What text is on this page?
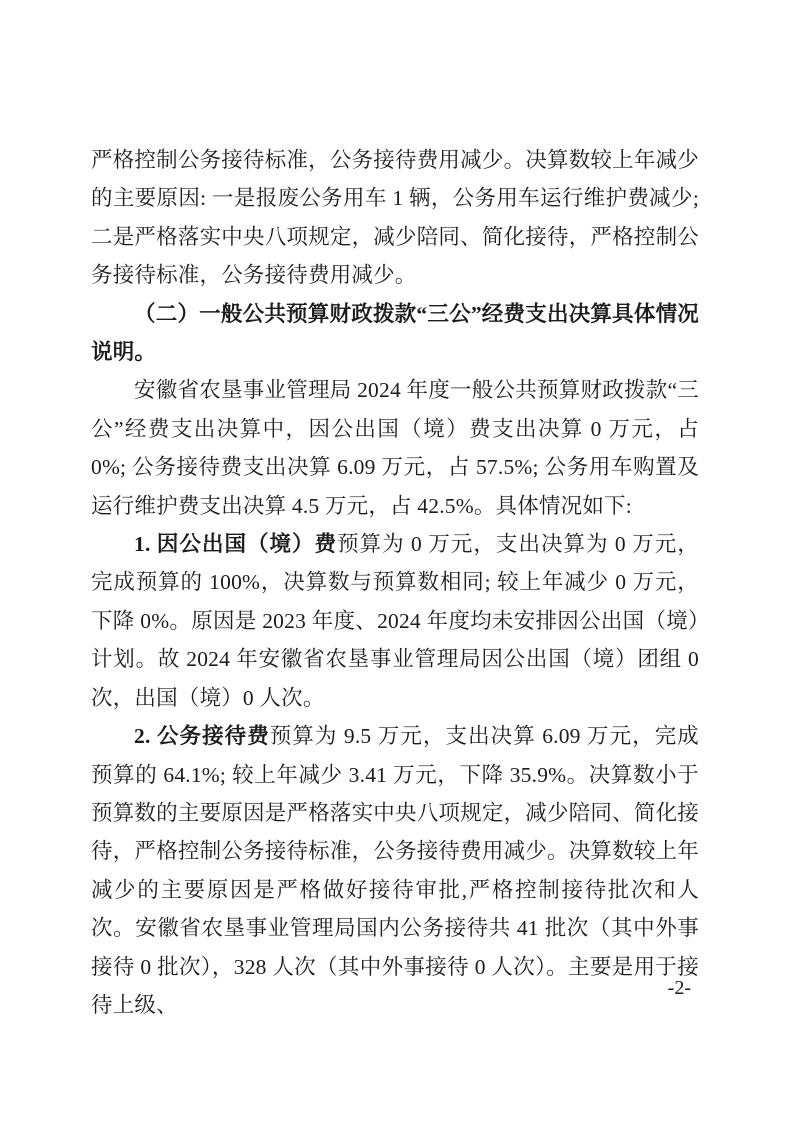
严格控制公务接待标准，公务接待费用减少。决算数较上年减少的主要原因: 一是报废公务用车 1 辆，公务用车运行维护费减少; 二是严格落实中央八项规定，减少陪同、简化接待，严格控制公务接待标准，公务接待费用减少。

（二）一般公共预算财政拨款“三公”经费支出决算具体情况说明。

安徽省农垦事业管理局 2024 年度一般公共预算财政拨款“三公”经费支出决算中，因公出国（境）费支出决算 0 万元，占 0%; 公务接待费支出决算 6.09 万元，占 57.5%; 公务用车购置及运行维护费支出决算 4.5 万元，占 42.5%。具体情况如下:

1. 因公出国（境）费预算为 0 万元，支出决算为 0 万元，完成预算的 100%，决算数与预算数相同; 较上年减少 0 万元，下降 0%。原因是 2023 年度、2024 年度均未安排因公出国（境）计划。故 2024 年安徽省农垦事业管理局因公出国（境）团组 0 次，出国（境）0 人次。

2. 公务接待费预算为 9.5 万元，支出决算 6.09 万元，完成预算的 64.1%; 较上年减少 3.41 万元，下降 35.9%。决算数小于预算数的主要原因是严格落实中央八项规定，减少陪同、简化接待，严格控制公务接待标准，公务接待费用减少。决算数较上年减少的主要原因是严格做好接待审批,严格控制接待批次和人次。安徽省农垦事业管理局国内公务接待共 41 批次（其中外事接待 0 批次），328 人次（其中外事接待 0 人次）。主要是用于接待上级、

-2-
